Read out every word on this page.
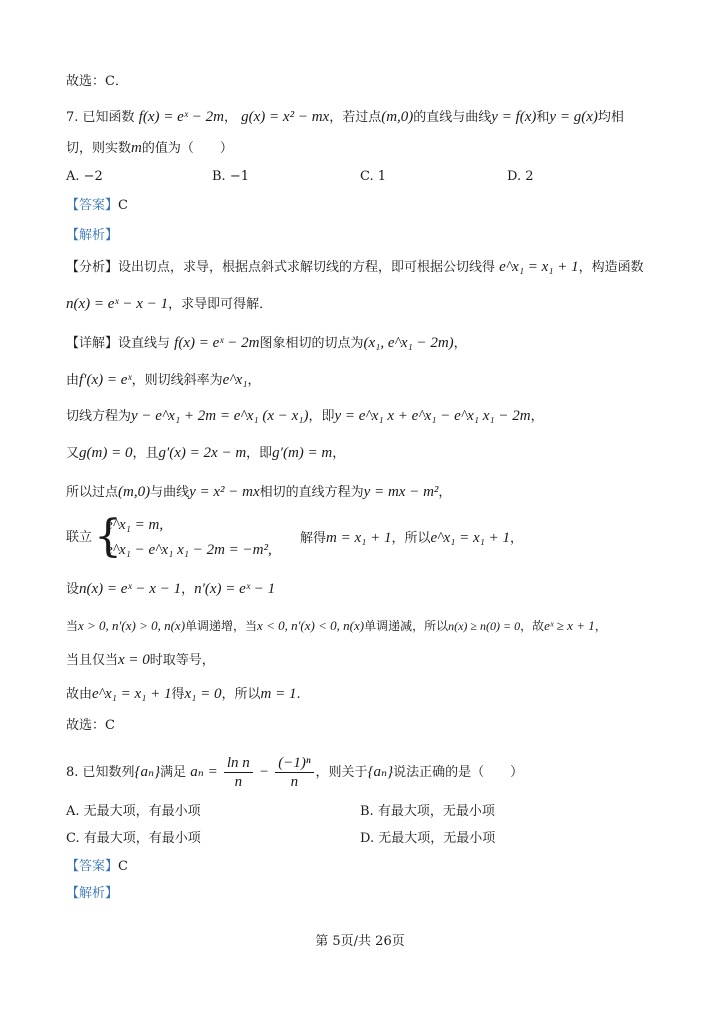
故选：C．
7. 已知函数 f(x) = eˣ − 2m， g(x) = x² − mx，若过点(m,0)的直线与曲线y = f(x)和y = g(x)均相
切，则实数m的值为（　　）
A. −2	B. −1	C. 1	D. 2
【答案】C
【解析】
【分析】设出切点，求导，根据点斜式求解切线的方程，即可根据公切线得 e^x₁ = x₁ + 1，构造函数
n(x) = eˣ − x − 1，求导即可得解．
【详解】设直线与 f(x) = eˣ − 2m图象相切的切点为(x₁, e^x₁ − 2m)，
由f′(x) = eˣ，则切线斜率为e^x₁，
切线方程为y − e^x₁ + 2m = e^x₁ (x − x₁)，即y = e^x₁ x + e^x₁ − e^x₁ x₁ − 2m，
又g(m) = 0，且g′(x) = 2x − m，即g′(m) = m，
所以过点(m,0)与曲线y = x² − mx相切的直线方程为y = mx − m²，
联立 {
e^x₁ = m,
e^x₁ − e^x₁ x₁ − 2m = −m²,
解得m = x₁ + 1，所以e^x₁ = x₁ + 1，
设n(x) = eˣ − x − 1，n′(x) = eˣ − 1
当x > 0, n′(x) > 0, n(x)单调递增，当x < 0, n′(x) < 0, n(x)单调递减，所以n(x) ≥ n(0) = 0，故eˣ ≥ x + 1，
当且仅当x = 0时取等号，
故由e^x₁ = x₁ + 1得x₁ = 0，所以m = 1.
故选：C
8. 已知数列{aₙ}满足 $a_n = \frac{\text{ln n}}{n} - \frac{\text{(−1)ⁿ}}{n}$ ，则关于{aₙ}说法正确的是（　　）
A. 无最大项，有最小项	B. 有最大项，无最小项
C. 有最大项，有最小项	D. 无最大项，无最小项
【答案】C
【解析】
第 5页/共 26页
